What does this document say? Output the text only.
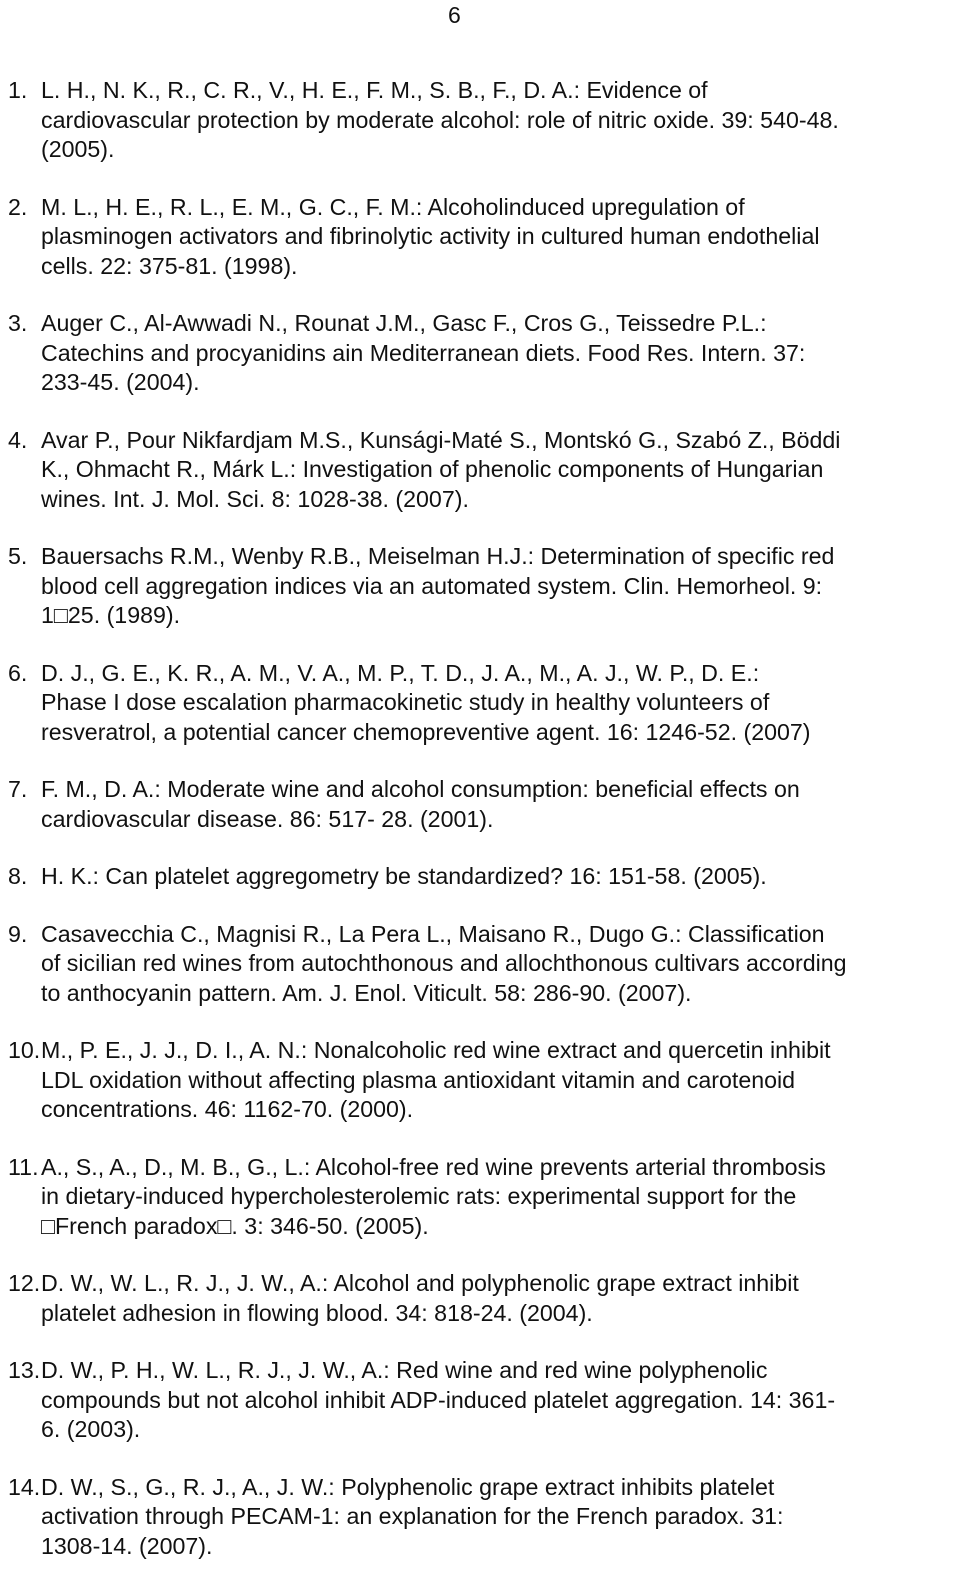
6
1. L. H., N. K., R., C. R., V., H. E., F. M., S. B., F., D. A.: Evidence of
cardiovascular protection by moderate alcohol: role of nitric oxide. 39: 540-48.
(2005).
2. M. L., H. E., R. L., E. M., G. C., F. M.: Alcoholinduced upregulation of
plasminogen activators and fibrinolytic activity in cultured human endothelial
cells. 22: 375-81. (1998).
3. Auger C., Al-Awwadi N., Rounat J.M., Gasc F., Cros G., Teissedre P.L.:
Catechins and procyanidins ain Mediterranean diets. Food Res. Intern. 37:
233-45. (2004).
4. Avar P., Pour Nikfardjam M.S., Kunsági-Maté S., Montskó G., Szabó Z., Böddi
K., Ohmacht R., Márk L.: Investigation of phenolic components of Hungarian
wines. Int. J. Mol. Sci. 8: 1028-38. (2007).
5. Bauersachs R.M., Wenby R.B., Meiselman H.J.: Determination of specific red
blood cell aggregation indices via an automated system. Clin. Hemorheol. 9:
1□25. (1989).
6. D. J., G. E., K. R., A. M., V. A., M. P., T. D., J. A., M., A. J., W. P., D. E.:
Phase I dose escalation pharmacokinetic study in healthy volunteers of
resveratrol, a potential cancer chemopreventive agent. 16: 1246-52. (2007)
7. F. M., D. A.: Moderate wine and alcohol consumption: beneficial effects on
cardiovascular disease. 86: 517- 28. (2001).
8. H. K.: Can platelet aggregometry be standardized? 16: 151-58. (2005).
9. Casavecchia C., Magnisi R., La Pera L., Maisano R., Dugo G.: Classification
of sicilian red wines from autochthonous and allochthonous cultivars according
to anthocyanin pattern. Am. J. Enol. Viticult. 58: 286-90. (2007).
10. M., P. E., J. J., D. I., A. N.: Nonalcoholic red wine extract and quercetin inhibit
LDL oxidation without affecting plasma antioxidant vitamin and carotenoid
concentrations. 46: 1162-70. (2000).
11. A., S., A., D., M. B., G., L.: Alcohol-free red wine prevents arterial thrombosis
in dietary-induced hypercholesterolemic rats: experimental support for the
□French paradox□. 3: 346-50. (2005).
12. D. W., W. L., R. J., J. W., A.: Alcohol and polyphenolic grape extract inhibit
platelet adhesion in flowing blood. 34: 818-24. (2004).
13. D. W., P. H., W. L., R. J., J. W., A.: Red wine and red wine polyphenolic
compounds but not alcohol inhibit ADP-induced platelet aggregation. 14: 361-
6. (2003).
14. D. W., S., G., R. J., A., J. W.: Polyphenolic grape extract inhibits platelet
activation through PECAM-1: an explanation for the French paradox. 31:
1308-14. (2007).
